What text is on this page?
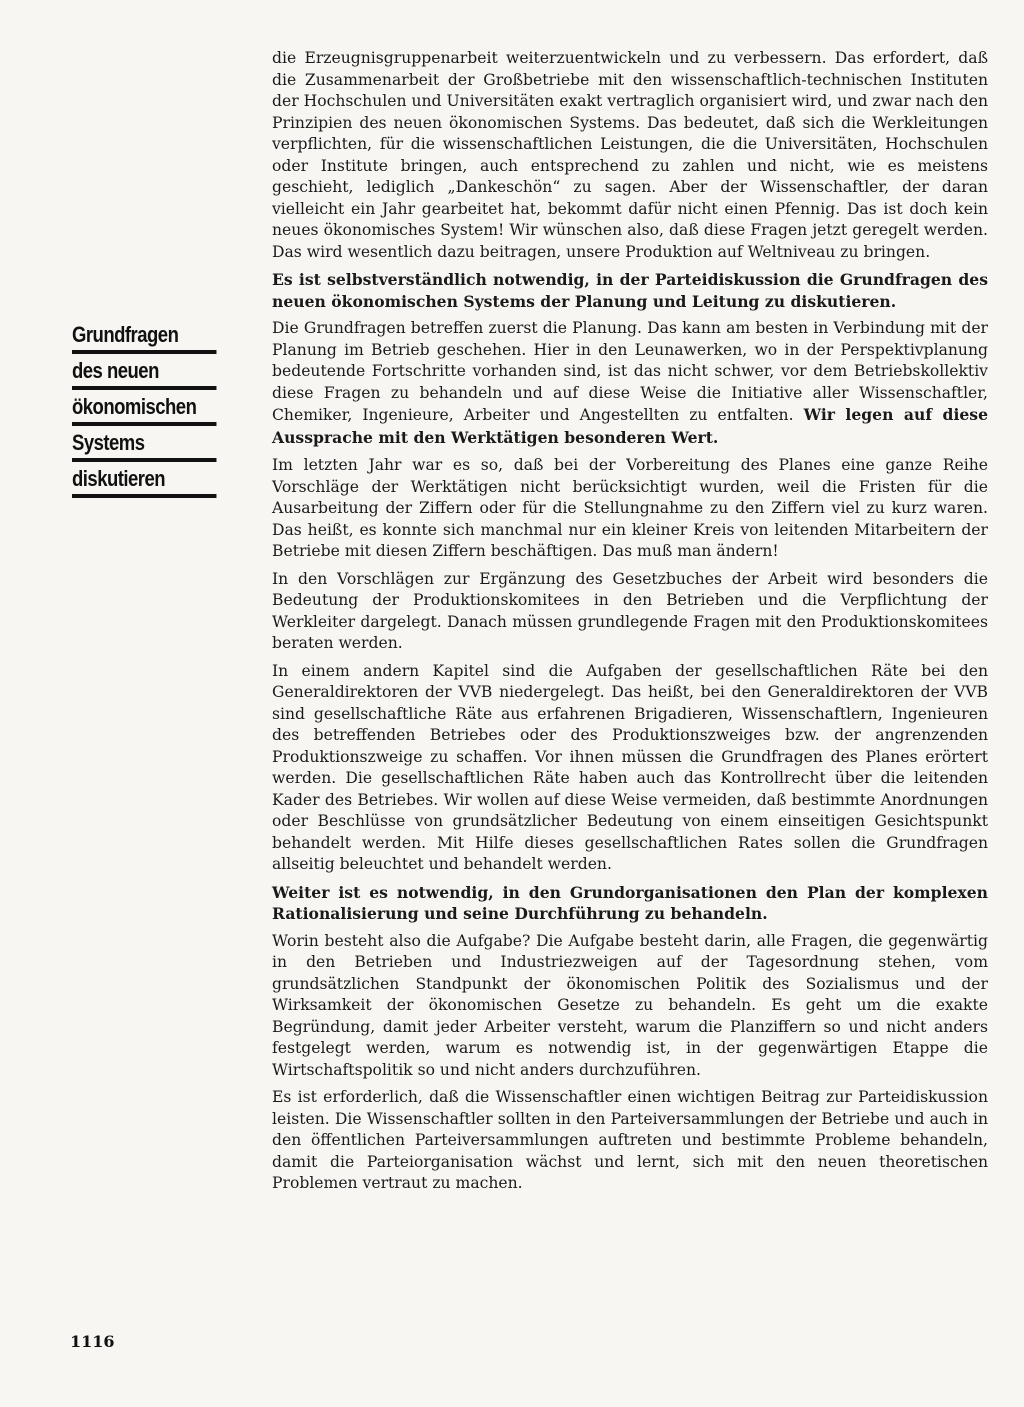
Grundfragen
des neuen
ökonomischen
Systems
diskutieren

die Erzeugnisgruppenarbeit weiterzuentwickeln und zu verbessern. Das erfordert, daß die Zusammenarbeit der Großbetriebe mit den wissenschaftlich-technischen Instituten der Hochschulen und Universitäten exakt vertraglich organisiert wird, und zwar nach den Prinzipien des neuen ökonomischen Systems. Das bedeutet, daß sich die Werkleitungen verpflichten, für die wissenschaftlichen Leistungen, die die Universitäten, Hochschulen oder Institute bringen, auch entsprechend zu zahlen und nicht, wie es meistens geschieht, lediglich „Dankeschön“ zu sagen. Aber der Wissenschaftler, der daran vielleicht ein Jahr gearbeitet hat, bekommt dafür nicht einen Pfennig. Das ist doch kein neues ökonomisches System! Wir wünschen also, daß diese Fragen jetzt geregelt werden. Das wird wesentlich dazu beitragen, unsere Produktion auf Weltniveau zu bringen.

Es ist selbstverständlich notwendig, in der Parteidiskussion die Grundfragen des neuen ökonomischen Systems der Planung und Leitung zu diskutieren.

Die Grundfragen betreffen zuerst die Planung. Das kann am besten in Verbindung mit der Planung im Betrieb geschehen. Hier in den Leunawerken, wo in der Perspektivplanung bedeutende Fortschritte vorhanden sind, ist das nicht schwer, vor dem Betriebskollektiv diese Fragen zu behandeln und auf diese Weise die Initiative aller Wissenschaftler, Chemiker, Ingenieure, Arbeiter und Angestellten zu entfalten. Wir legen auf diese Aussprache mit den Werktätigen besonderen Wert.

Im letzten Jahr war es so, daß bei der Vorbereitung des Planes eine ganze Reihe Vorschläge der Werktätigen nicht berücksichtigt wurden, weil die Fristen für die Ausarbeitung der Ziffern oder für die Stellungnahme zu den Ziffern viel zu kurz waren. Das heißt, es konnte sich manchmal nur ein kleiner Kreis von leitenden Mitarbeitern der Betriebe mit diesen Ziffern beschäftigen. Das muß man ändern!

In den Vorschlägen zur Ergänzung des Gesetzbuches der Arbeit wird besonders die Bedeutung der Produktionskomitees in den Betrieben und die Verpflichtung der Werkleiter dargelegt. Danach müssen grundlegende Fragen mit den Produktionskomitees beraten werden.

In einem andern Kapitel sind die Aufgaben der gesellschaftlichen Räte bei den Generaldirektoren der VVB niedergelegt. Das heißt, bei den Generaldirektoren der VVB sind gesellschaftliche Räte aus erfahrenen Brigadieren, Wissenschaftlern, Ingenieuren des betreffenden Betriebes oder des Produktionszweiges bzw. der angrenzenden Produktionszweige zu schaffen. Vor ihnen müssen die Grundfragen des Planes erörtert werden. Die gesellschaftlichen Räte haben auch das Kontrollrecht über die leitenden Kader des Betriebes. Wir wollen auf diese Weise vermeiden, daß bestimmte Anordnungen oder Beschlüsse von grundsätzlicher Bedeutung von einem einseitigen Gesichtspunkt behandelt werden. Mit Hilfe dieses gesellschaftlichen Rates sollen die Grundfragen allseitig beleuchtet und behandelt werden.

Weiter ist es notwendig, in den Grundorganisationen den Plan der komplexen Rationalisierung und seine Durchführung zu behandeln.

Worin besteht also die Aufgabe? Die Aufgabe besteht darin, alle Fragen, die gegenwärtig in den Betrieben und Industriezweigen auf der Tagesordnung stehen, vom grundsätzlichen Standpunkt der ökonomischen Politik des Sozialismus und der Wirksamkeit der ökonomischen Gesetze zu behandeln. Es geht um die exakte Begründung, damit jeder Arbeiter versteht, warum die Planziffern so und nicht anders festgelegt werden, warum es notwendig ist, in der gegenwärtigen Etappe die Wirtschaftspolitik so und nicht anders durchzuführen.

Es ist erforderlich, daß die Wissenschaftler einen wichtigen Beitrag zur Parteidiskussion leisten. Die Wissenschaftler sollten in den Parteiversammlungen der Betriebe und auch in den öffentlichen Parteiversammlungen auftreten und bestimmte Probleme behandeln, damit die Parteiorganisation wächst und lernt, sich mit den neuen theoretischen Problemen vertraut zu machen.

1116
